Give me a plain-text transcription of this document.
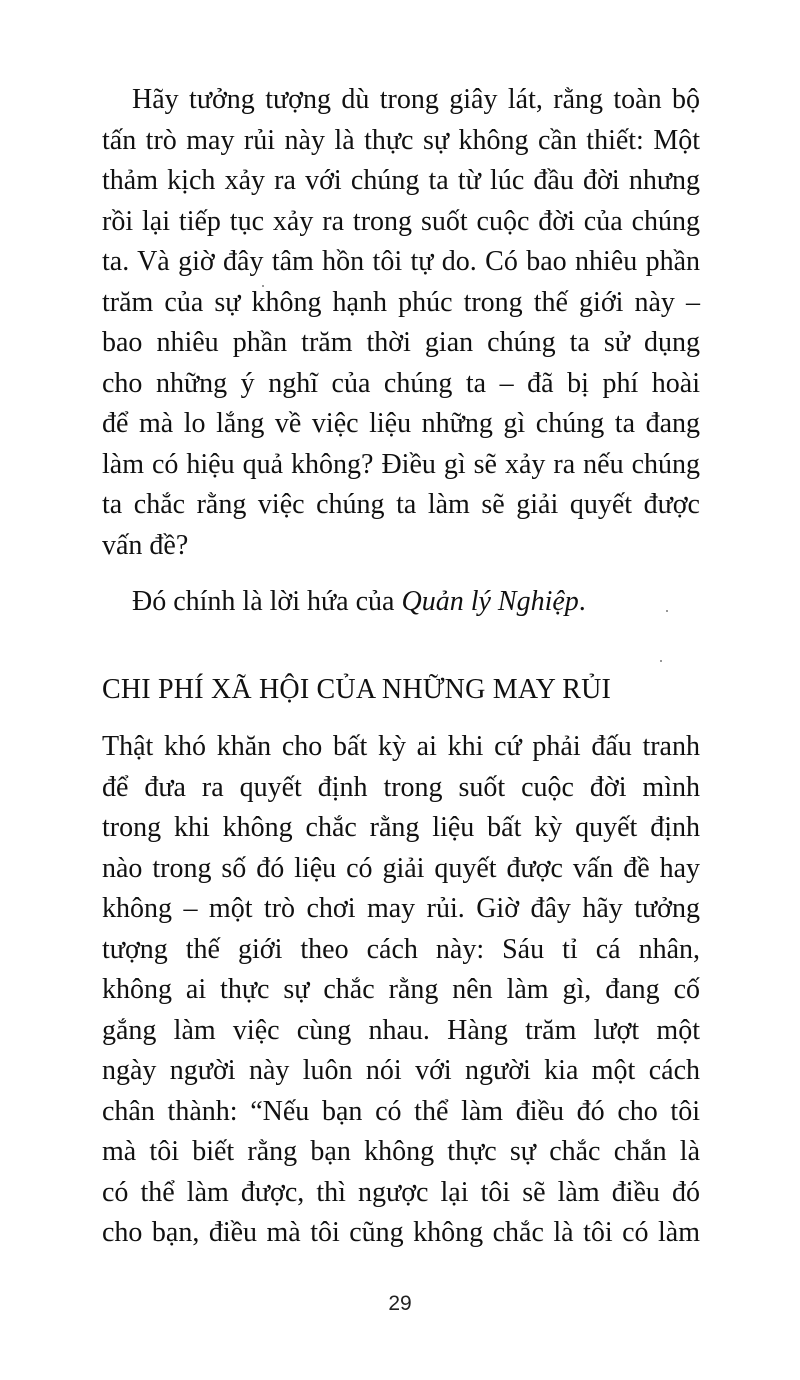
Hãy tưởng tượng dù trong giây lát, rằng toàn bộ
tấn trò may rủi này là thực sự không cần thiết: Một
thảm kịch xảy ra với chúng ta từ lúc đầu đời nhưng
rồi lại tiếp tục xảy ra trong suốt cuộc đời của chúng
ta. Và giờ đây tâm hồn tôi tự do. Có bao nhiêu phần
trăm của sự không hạnh phúc trong thế giới này –
bao nhiêu phần trăm thời gian chúng ta sử dụng
cho những ý nghĩ của chúng ta – đã bị phí hoài
để mà lo lắng về việc liệu những gì chúng ta đang
làm có hiệu quả không? Điều gì sẽ xảy ra nếu chúng
ta chắc rằng việc chúng ta làm sẽ giải quyết được
vấn đề?
Đó chính là lời hứa của Quản lý Nghiệp.
CHI PHÍ XÃ HỘI CỦA NHỮNG MAY RỦI
Thật khó khăn cho bất kỳ ai khi cứ phải đấu tranh
để đưa ra quyết định trong suốt cuộc đời mình
trong khi không chắc rằng liệu bất kỳ quyết định
nào trong số đó liệu có giải quyết được vấn đề hay
không – một trò chơi may rủi. Giờ đây hãy tưởng
tượng thế giới theo cách này: Sáu tỉ cá nhân,
không ai thực sự chắc rằng nên làm gì, đang cố
gắng làm việc cùng nhau. Hàng trăm lượt một
ngày người này luôn nói với người kia một cách
chân thành: “Nếu bạn có thể làm điều đó cho tôi
mà tôi biết rằng bạn không thực sự chắc chắn là
có thể làm được, thì ngược lại tôi sẽ làm điều đó
cho bạn, điều mà tôi cũng không chắc là tôi có làm
29
